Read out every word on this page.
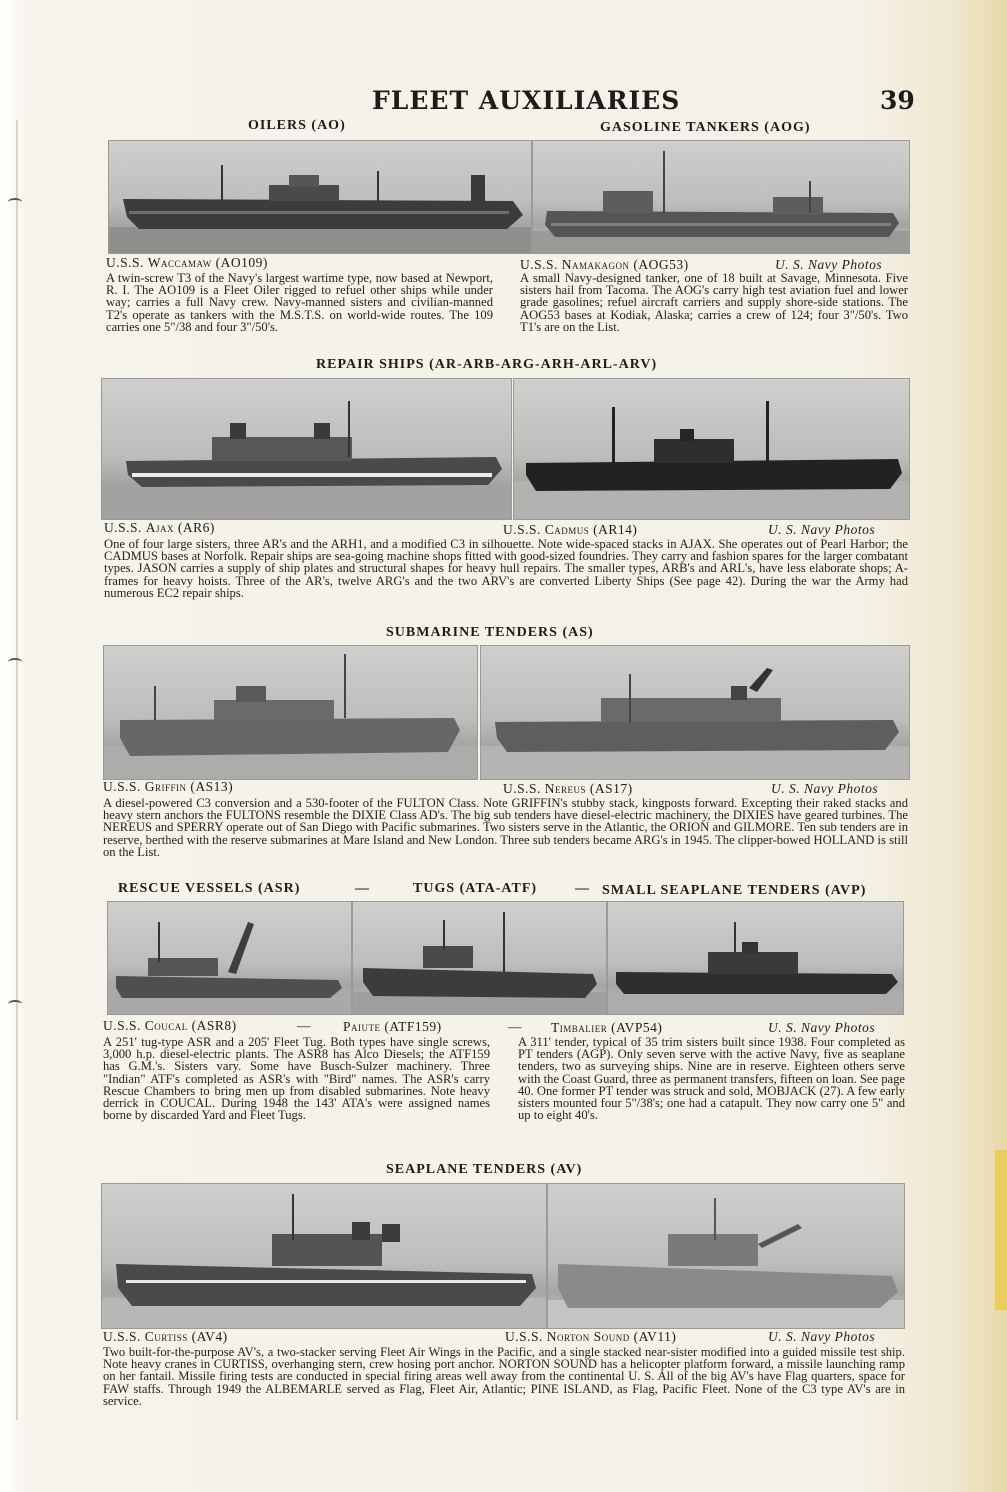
FLEET AUXILIARIES	39
OILERS (AO)	GASOLINE TANKERS (AOG)
U.S.S. Waccamaw (AO109)	U.S.S. Namakagon (AOG53)	U. S. Navy Photos
A twin-screw T3 of the Navy's largest wartime type, now based at Newport, R. I. The AO109 is a Fleet Oiler rigged to refuel other ships while under way; carries a full Navy crew. Navy-manned sisters and civilian-manned T2's operate as tankers with the M.S.T.S. on world-wide routes. The 109 carries one 5"/38 and four 3"/50's.
A small Navy-designed tanker, one of 18 built at Savage, Minnesota. Five sisters hail from Tacoma. The AOG's carry high test aviation fuel and lower grade gasolines; refuel aircraft carriers and supply shore-side stations. The AOG53 bases at Kodiak, Alaska; carries a crew of 124; four 3"/50's. Two T1's are on the List.
REPAIR SHIPS (AR-ARB-ARG-ARH-ARL-ARV)
U.S.S. Ajax (AR6)	U.S.S. Cadmus (AR14)	U. S. Navy Photos
One of four large sisters, three AR's and the ARH1, and a modified C3 in silhouette. Note wide-spaced stacks in AJAX. She operates out of Pearl Harbor; the CADMUS bases at Norfolk. Repair ships are sea-going machine shops fitted with good-sized foundries. They carry and fashion spares for the larger combatant types. JASON carries a supply of ship plates and structural shapes for heavy hull repairs. The smaller types, ARB's and ARL's, have less elaborate shops; A-frames for heavy hoists. Three of the AR's, twelve ARG's and the two ARV's are converted Liberty Ships (See page 42). During the war the Army had numerous EC2 repair ships.
SUBMARINE TENDERS (AS)
U.S.S. Griffin (AS13)	U.S.S. Nereus (AS17)	U. S. Navy Photos
A diesel-powered C3 conversion and a 530-footer of the FULTON Class. Note GRIFFIN's stubby stack, kingposts forward. Excepting their raked stacks and heavy stern anchors the FULTONS resemble the DIXIE Class AD's. The big sub tenders have diesel-electric machinery, the DIXIES have geared turbines. The NEREUS and SPERRY operate out of San Diego with Pacific submarines. Two sisters serve in the Atlantic, the ORION and GILMORE. Ten sub tenders are in reserve, berthed with the reserve submarines at Mare Island and New London. Three sub tenders became ARG's in 1945. The clipper-bowed HOLLAND is still on the List.
RESCUE VESSELS (ASR)	—	TUGS (ATA-ATF)	— SMALL SEAPLANE TENDERS (AVP)
U.S.S. Coucal (ASR8)	— Paiute (ATF159)	— Timbalier (AVP54)	U. S. Navy Photos
A 251' tug-type ASR and a 205' Fleet Tug. Both types have single screws, 3,000 h.p. diesel-electric plants. The ASR8 has Alco Diesels; the ATF159 has G.M.'s. Sisters vary. Some have Busch-Sulzer machinery. Three "Indian" ATF's completed as ASR's with "Bird" names. The ASR's carry Rescue Chambers to bring men up from disabled submarines. Note heavy derrick in COUCAL. During 1948 the 143' ATA's were assigned names borne by discarded Yard and Fleet Tugs.
A 311' tender, typical of 35 trim sisters built since 1938. Four completed as PT tenders (AGP). Only seven serve with the active Navy, five as seaplane tenders, two as surveying ships. Nine are in reserve. Eighteen others serve with the Coast Guard, three as permanent transfers, fifteen on loan. See page 40. One former PT tender was struck and sold, MOBJACK (27). A few early sisters mounted four 5"/38's; one had a catapult. They now carry one 5" and up to eight 40's.
SEAPLANE TENDERS (AV)
U.S.S. Curtiss (AV4)	U.S.S. Norton Sound (AV11)	U. S. Navy Photos
Two built-for-the-purpose AV's, a two-stacker serving Fleet Air Wings in the Pacific, and a single stacked near-sister modified into a guided missile test ship. Note heavy cranes in CURTISS, overhanging stern, crew hosing port anchor. NORTON SOUND has a helicopter platform forward, a missile launching ramp on her fantail. Missile firing tests are conducted in special firing areas well away from the continental U. S. All of the big AV's have Flag quarters, space for FAW staffs. Through 1949 the ALBEMARLE served as Flag, Fleet Air, Atlantic; PINE ISLAND, as Flag, Pacific Fleet. None of the C3 type AV's are in service.
